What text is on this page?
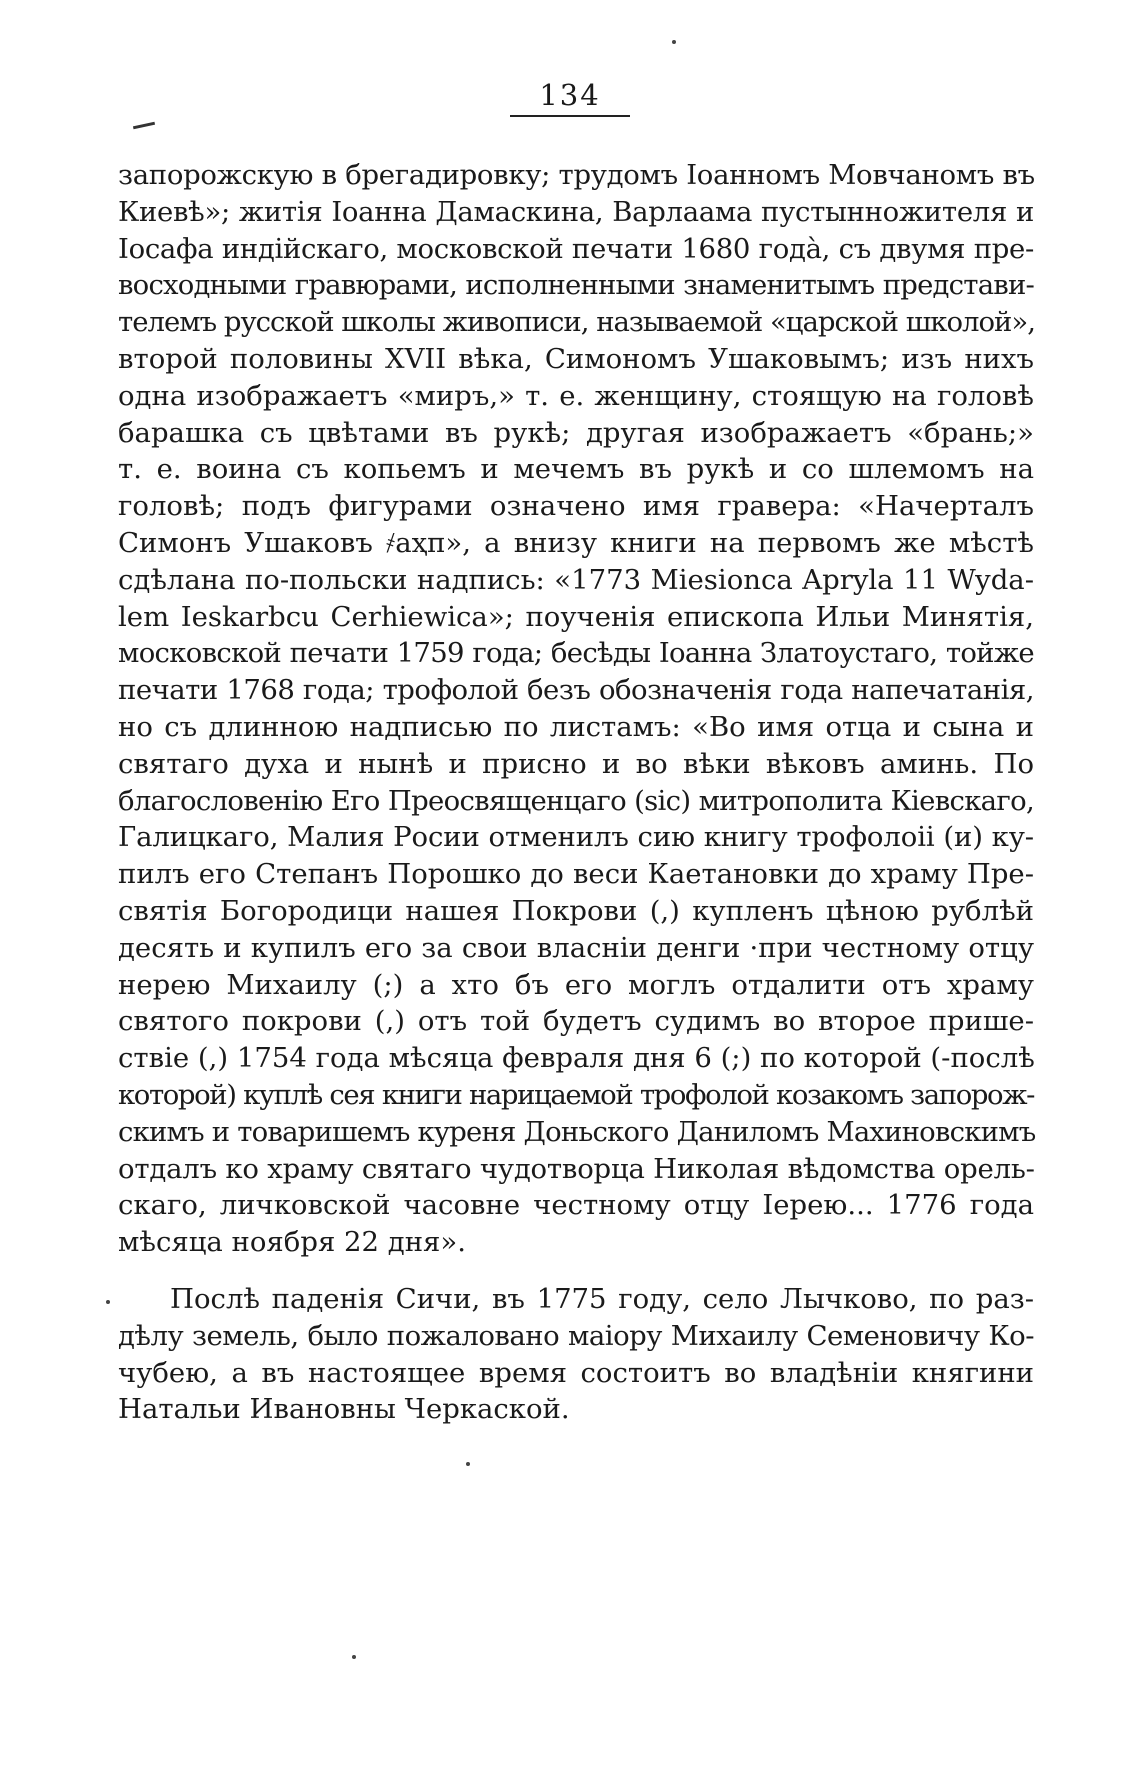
134
запорожскую в брегадировку; трудомъ Іоанномъ Мовчаномъ въ
Киевѣ»; житія Іоанна Дамаскина, Варлаама пустынножителя и
Іосафа индійскаго, московской печати 1680 годà, съ двумя пре-
восходными гравюрами, исполненными знаменитымъ представи-
телемъ русской школы живописи, называемой «царской школой»,
второй половины XVII вѣка, Симономъ Ушаковымъ; изъ нихъ
одна изображаетъ «миръ,» т. е. женщину, стоящую на головѣ
барашка съ цвѣтами въ рукѣ; другая изображаетъ «брань;»
т. е. воина съ копьемъ и мечемъ въ рукѣ и со шлемомъ на
головѣ; подъ фигурами означено имя гравера: «Начерталъ
Симонъ Ушаковъ ҂аҳп», а внизу книги на первомъ же мѣстѣ
сдѣлана по-польски надпись: «1773 Miesionca Apryla 11 Wyda-
lem Ieskarbcu Cerhiewica»; поученія епископа Ильи Минятія,
московской печати 1759 года; бесѣды Іоанна Златоустаго, тойже
печати 1768 года; трофолой безъ обозначенія года напечатанія,
но съ длинною надписью по листамъ: «Во имя отца и сына и
святаго духа и нынѣ и присно и во вѣки вѣковъ аминь. По
благословенію Его Преосвященцаго (sic) митрополита Кіевскаго,
Галицкаго, Малия Росии отменилъ сию книгу трофолоіі (и) ку-
пилъ его Степанъ Порошко до веси Каетановки до храму Пре-
святія Богородици нашея Покрови (,) купленъ цѣною рублѣй
десять и купилъ его за свои власніи денги ·при честному отцу
нерею Михаилу (;) а хто бъ его моглъ отдалити отъ храму
святого покрови (,) отъ той будетъ судимъ во второе прише-
ствіе (,) 1754 года мѣсяца февраля дня 6 (;) по которой (-послѣ
которой) куплѣ сея книги нарицаемой трофолой козакомъ запорож-
скимъ и товаришемъ куреня Доньского Даниломъ Махиновскимъ
отдалъ ко храму святаго чудотворца Николая вѣдомства орель-
скаго, личковской часовне честному отцу Іерею... 1776 года
мѣсяца ноября 22 дня».
Послѣ паденія Сичи, въ 1775 году, село Лычково, по раз-
дѣлу земель, было пожаловано маіору Михаилу Семеновичу Ко-
чубею, а въ настоящее время состоитъ во владѣніи княгини
Натальи Ивановны Черкаской.
